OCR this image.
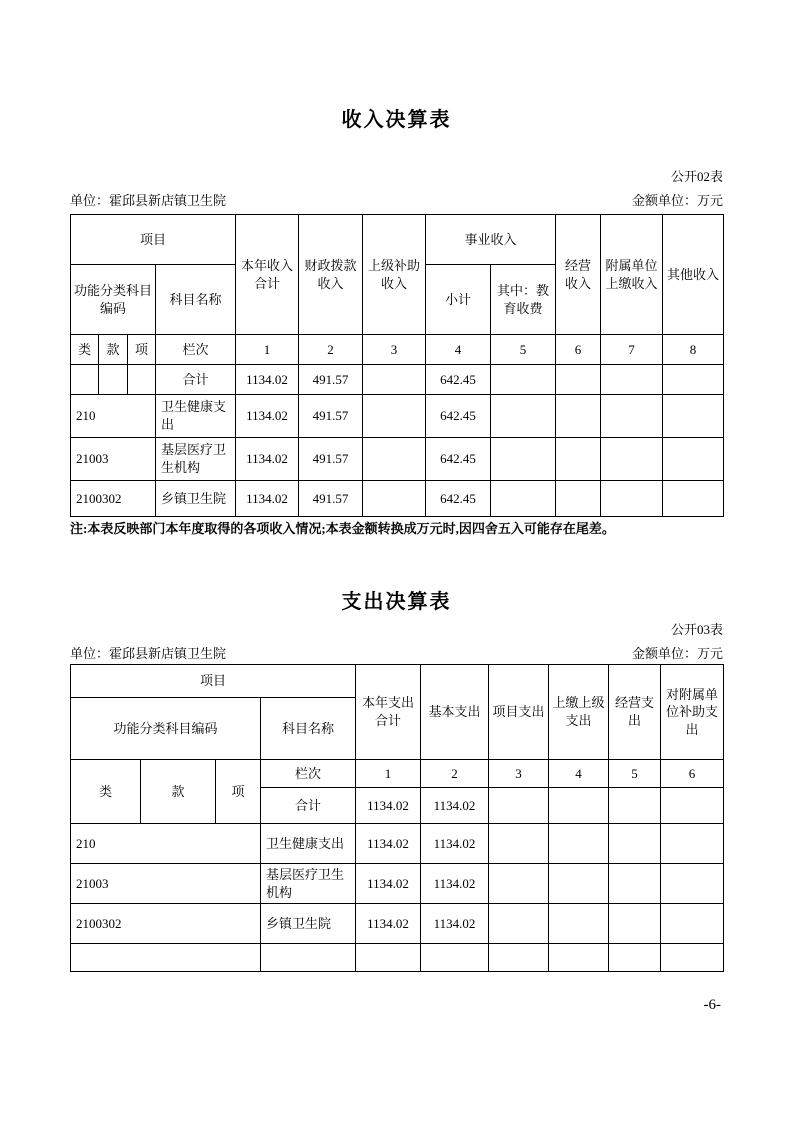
收入决算表
公开02表
单位：霍邱县新店镇卫生院	金额单位：万元
项目				本年收入合计	财政拨款收入	上级补助收入	事业收入		经营收入	附属单位上缴收入	其他收入
功能分类科目编码			科目名称				小计	其中：教育收费			
类	款	项	栏次	1	2	3	4	5	6	7	8
			合计	1134.02	491.57		642.45				
210			卫生健康支出	1134.02	491.57		642.45				
21003			基层医疗卫生机构	1134.02	491.57		642.45				
2100302			乡镇卫生院	1134.02	491.57		642.45				
注:本表反映部门本年度取得的各项收入情况;本表金额转换成万元时,因四舍五入可能存在尾差。
支出决算表
公开03表
单位：霍邱县新店镇卫生院	金额单位：万元
项目				本年支出合计	基本支出	项目支出	上缴上级支出	经营支出	对附属单位补助支出
功能分类科目编码			科目名称						
类	款	项	栏次	1	2	3	4	5	6
			合计	1134.02	1134.02				
210			卫生健康支出	1134.02	1134.02				
21003			基层医疗卫生机构	1134.02	1134.02				
2100302			乡镇卫生院	1134.02	1134.02				

-6-
